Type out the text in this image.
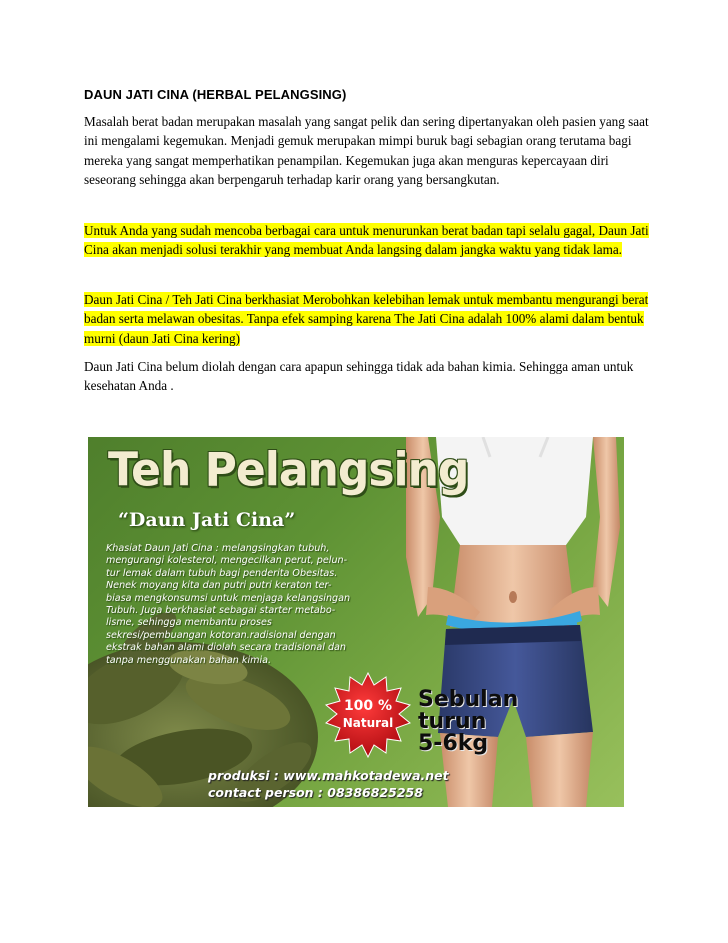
DAUN JATI CINA (HERBAL PELANGSING)

Masalah berat badan merupakan masalah yang sangat pelik dan sering dipertanyakan oleh pasien yang saat ini mengalami kegemukan. Menjadi gemuk merupakan mimpi buruk bagi sebagian orang terutama bagi mereka yang sangat memperhatikan penampilan. Kegemukan juga akan menguras kepercayaan diri seseorang sehingga akan berpengaruh terhadap karir orang yang bersangkutan.

Untuk Anda yang sudah mencoba berbagai cara untuk menurunkan berat badan tapi selalu gagal, Daun Jati Cina akan menjadi solusi terakhir yang membuat Anda langsing dalam jangka waktu yang tidak lama.

Daun Jati Cina / Teh Jati Cina berkhasiat Merobohkan kelebihan lemak untuk membantu mengurangi berat badan serta melawan obesitas. Tanpa efek samping karena The Jati Cina adalah 100% alami dalam bentuk murni (daun Jati Cina kering)

Daun Jati Cina belum diolah dengan cara apapun sehingga tidak ada bahan kimia. Sehingga aman untuk kesehatan Anda .

Teh Pelangsing
“Daun Jati Cina”
Khasiat Daun Jati Cina : melangsingkan tubuh,
mengurangi kolesterol, mengecilkan perut, pelun-
tur lemak dalam tubuh bagi penderita Obesitas.
Nenek moyang kita dan putri putri keraton ter-
biasa mengkonsumsi untuk menjaga kelangsingan
Tubuh. Juga berkhasiat sebagai starter metabo-
lisme, sehingga membantu proses
sekresi/pembuangan kotoran.radisional dengan
ekstrak bahan alami diolah secara tradisional dan
tanpa menggunakan bahan kimia.
100 %
Natural
Sebulan
turun
5-6kg
produksi : www.mahkotadewa.net
contact person : 08386825258
